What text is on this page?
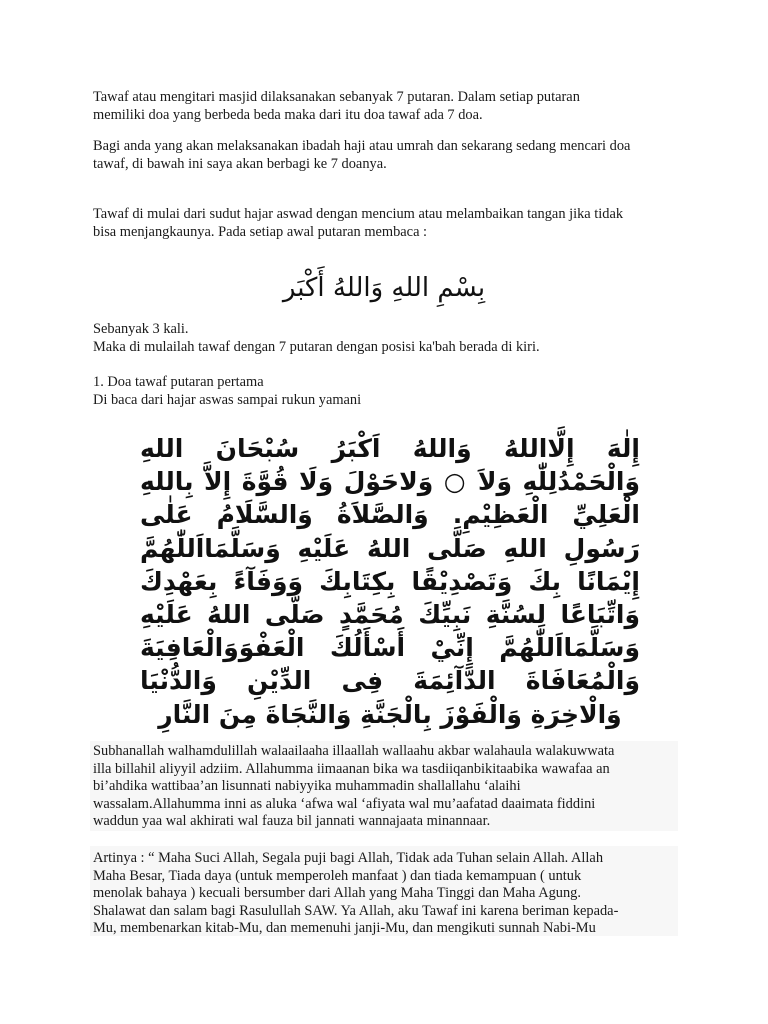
Tawaf atau mengitari masjid dilaksanakan sebanyak 7 putaran. Dalam setiap putaran
memiliki doa yang berbeda beda maka dari itu doa tawaf ada 7 doa.

Bagi anda yang akan melaksanakan ibadah haji atau umrah dan sekarang sedang mencari doa
tawaf, di bawah ini saya akan berbagi ke 7 doanya.

Tawaf di mulai dari sudut hajar aswad dengan mencium atau melambaikan tangan jika tidak
bisa menjangkaunya. Pada setiap awal putaran membaca :

بِسْمِ اللهِ وَاللهُ أَكْبَر

Sebanyak 3 kali.
Maka di mulailah tawaf dengan 7 putaran dengan posisi ka'bah berada di kiri.

1. Doa tawaf putaran pertama
Di baca dari hajar aswas sampai rukun yamani

إِلٰهَ إِلَّااللهُ وَاللهُ اَكْبَرُ سُبْحَانَ اللهِ وَالْحَمْدُلِلّٰهِ وَلاَ ○ وَلاحَوْلَ وَلَا قُوَّةَ إِلاَّ بِاللهِ الْعَلِيِّ الْعَظِيْمِ. وَالصَّلاَةُ وَالسَّلَامُ عَلٰى رَسُولِ اللهِ صَلَّى اللهُ عَلَيْهِ وَسَلَّمَااَللّٰهُمَّ إِيْمَانًا بِكَ وَتَصْدِيْقًا بِكِتَابِكَ وَوَفَآءً بِعَهْدِكَ وَاتِّبَاعًا لِسُنَّةِ نَبِيِّكَ مُحَمَّدٍ صَلَّى اللهُ عَلَيْهِ وَسَلَّمَااَللّٰهُمَّ إِنِّيْ أَسْأَلُكَ الْعَفْوَوَالْعَافِيَةَ وَالْمُعَافَاةَ الدَّآئِمَةَ فِى الدِّيْنِ وَالدُّنْيَا وَالْاخِرَةِ وَالْفَوْزَ بِالْجَنَّةِ وَالنَّجَاةَ مِنَ النَّارِ

Subhanallah walhamdulillah walaailaaha illaallah wallaahu akbar walahaula walakuwwata
illa billahil aliyyil adziim. Allahumma iimaanan bika wa tasdiiqanbikitaabika wawafaa an
bi’ahdika wattibaa’an lisunnati nabiyyika muhammadin shallallahu ‘alaihi
wassalam.Allahumma inni as aluka ‘afwa wal ‘afiyata wal mu’aafatad daaimata fiddini
waddun yaa wal akhirati wal fauza bil jannati wannajaata minannaar.

Artinya : “ Maha Suci Allah, Segala puji bagi Allah, Tidak ada Tuhan selain Allah. Allah
Maha Besar, Tiada daya (untuk memperoleh manfaat ) dan tiada kemampuan ( untuk
menolak bahaya ) kecuali bersumber dari Allah yang Maha Tinggi dan Maha Agung.
Shalawat dan salam bagi Rasulullah SAW. Ya Allah, aku Tawaf ini karena beriman kepada-
Mu, membenarkan kitab-Mu, dan memenuhi janji-Mu, dan mengikuti sunnah Nabi-Mu
